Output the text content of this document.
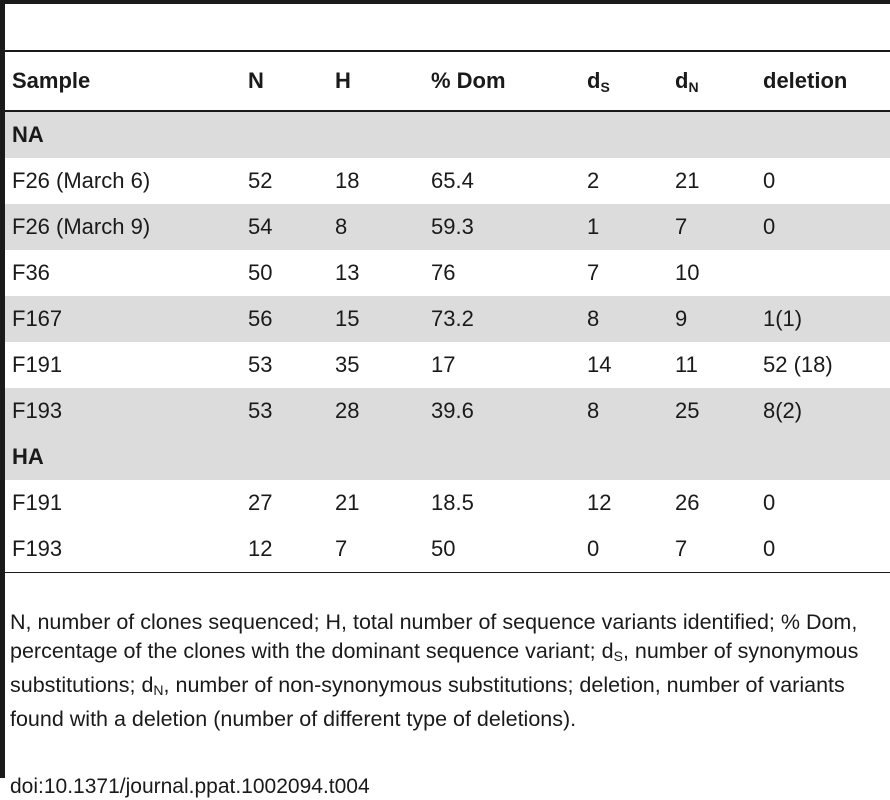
Sample	N	H	% Dom	$d_S$	$d_N$	deletion
NA						
F26 (March 6)	52	18	65.4	2	21	0
F26 (March 9)	54	8	59.3	1	7	0
F36	50	13	76	7	10	
F167	56	15	73.2	8	9	1(1)
F191	53	35	17	14	11	52 (18)
F193	53	28	39.6	8	25	8(2)
HA						
F191	27	21	18.5	12	26	0
F193	12	7	50	0	7	0

N, number of clones sequenced; H, total number of sequence variants identified; % Dom, percentage of the clones with the dominant sequence variant; $d_S$, number of synonymous substitutions; $d_N$, number of non-synonymous substitutions; deletion, number of variants found with a deletion (number of different type of deletions).

doi:10.1371/journal.ppat.1002094.t004
